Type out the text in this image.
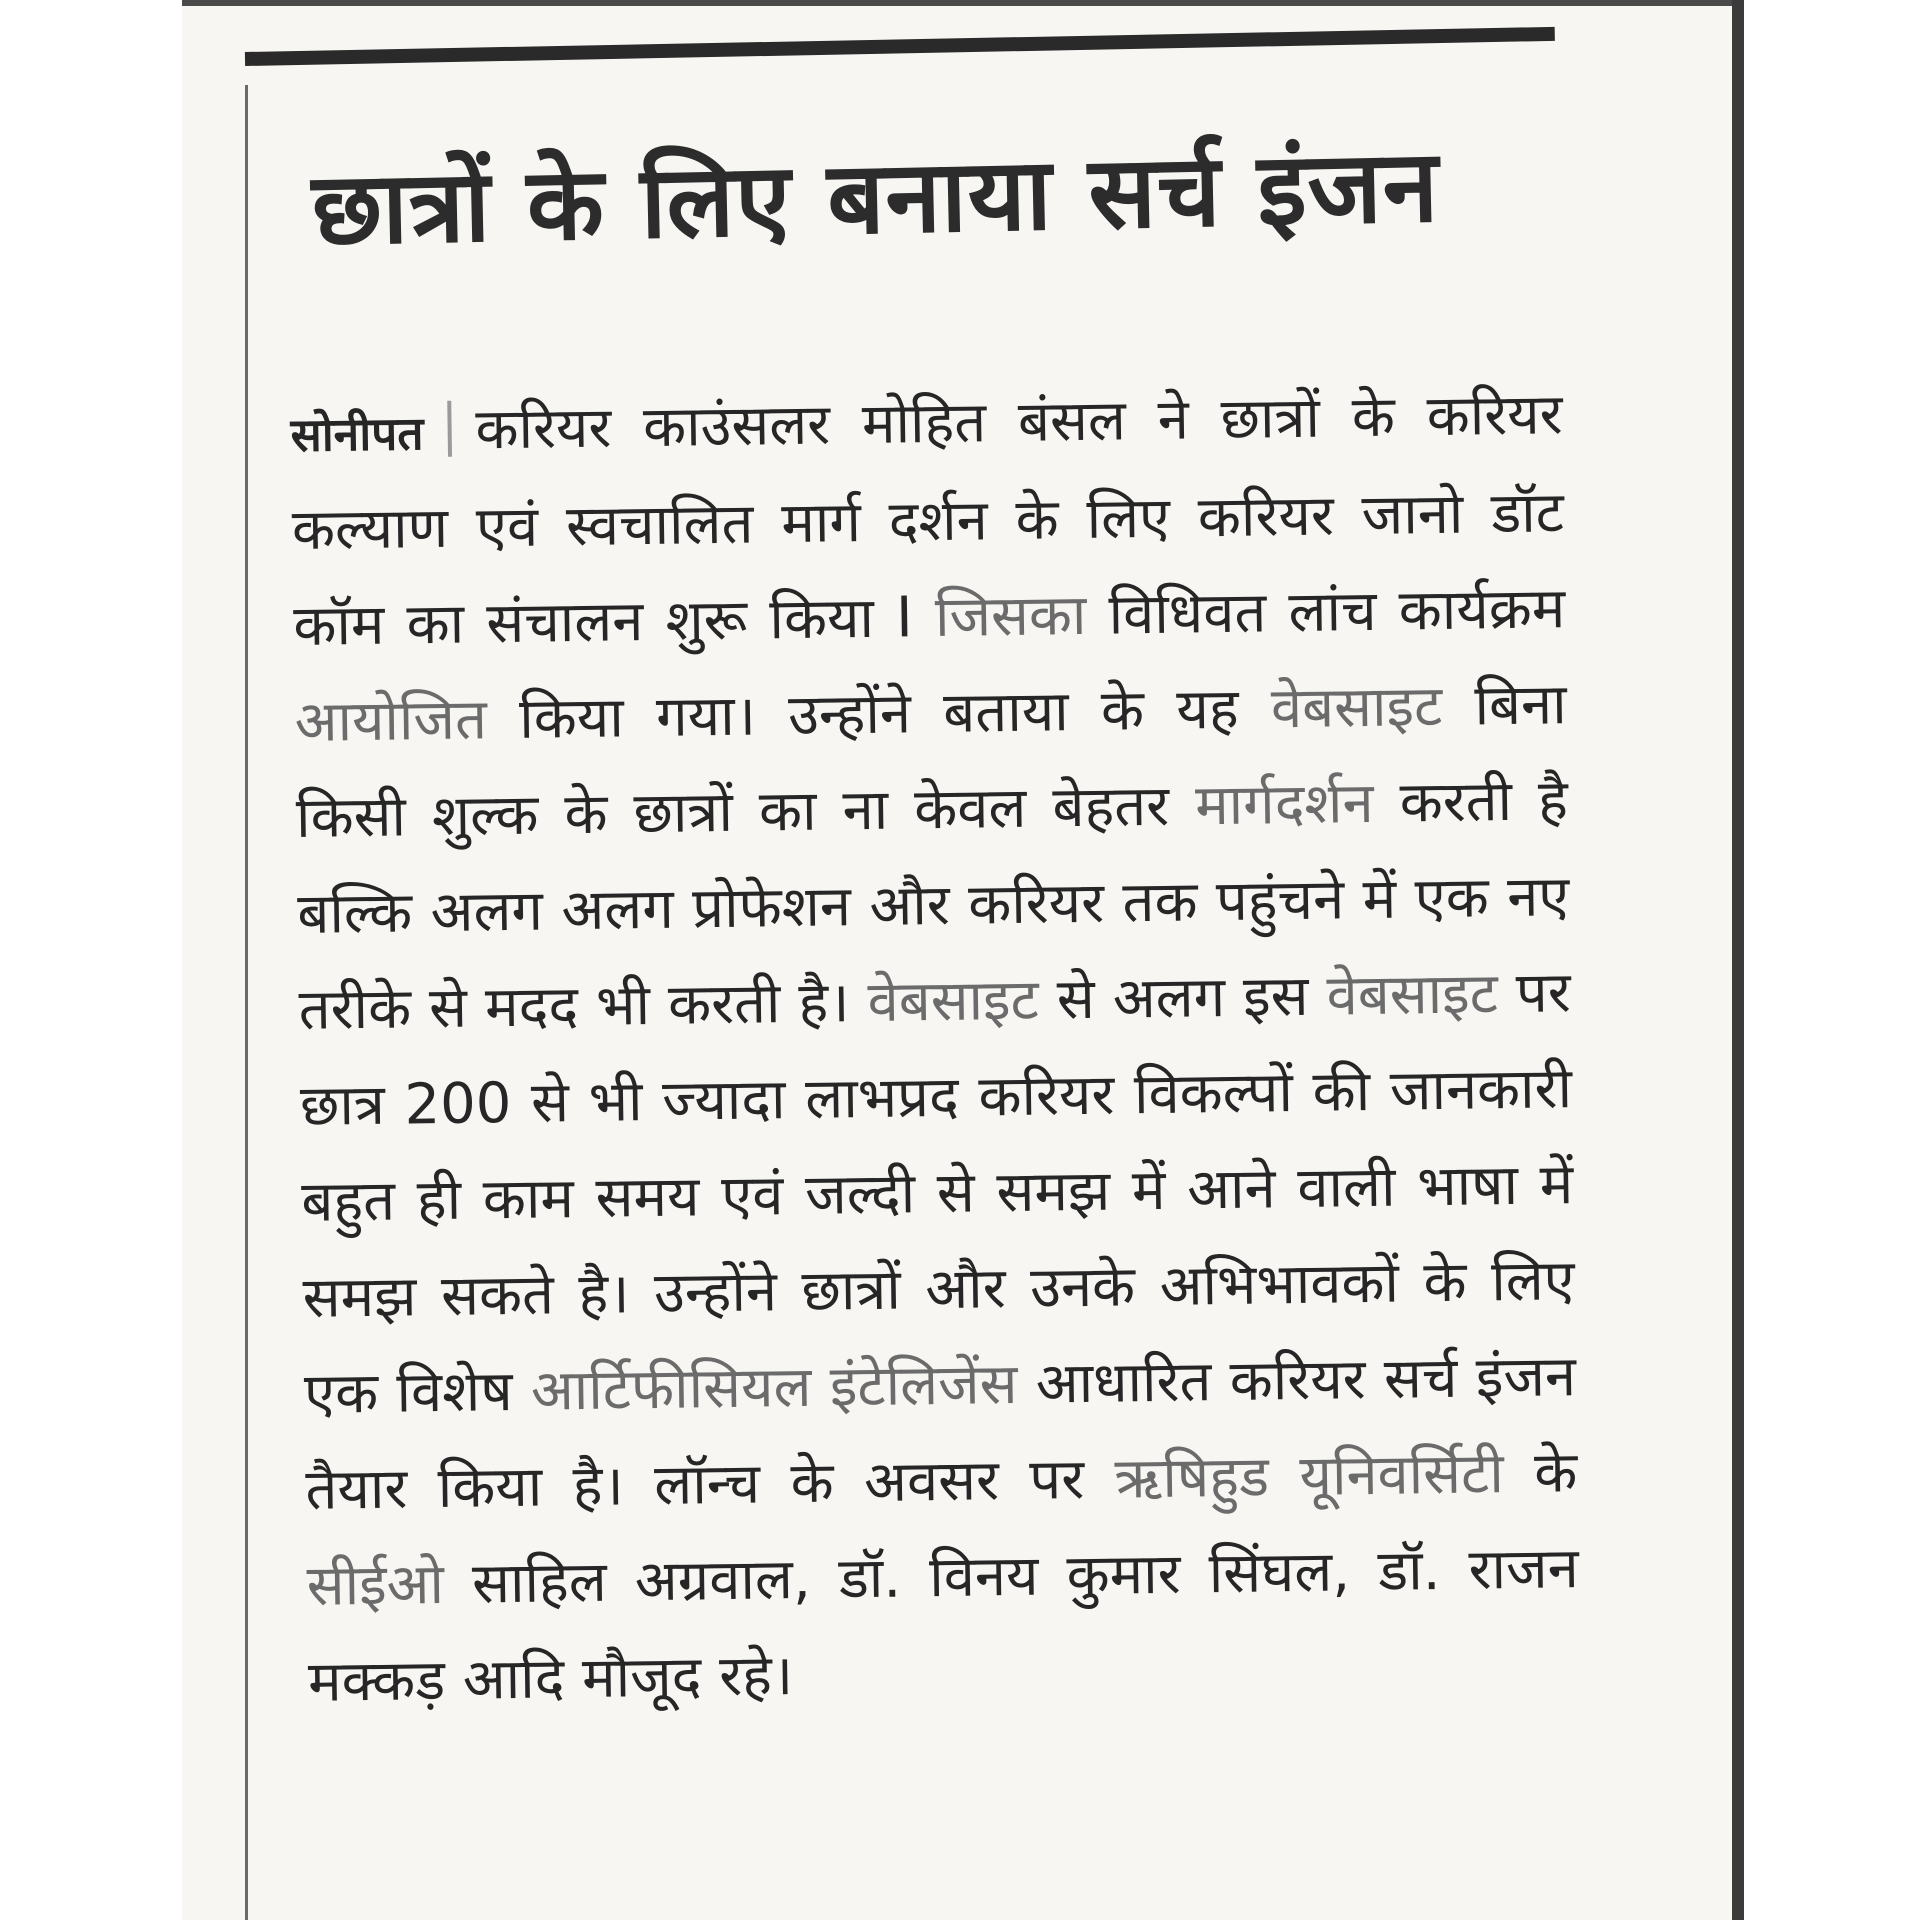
छात्रों के लिए बनाया सर्च इंजन
सोनीपत करियर काउंसलर मोहित बंसल ने छात्रों के करियर कल्याण एवं स्वचालित मार्ग दर्शन के लिए करियर जानो डॉट कॉम का संचालन शुरू किया I जिसका विधिवत लांच कार्यक्रम आयोजित किया गया। उन्होंने बताया के यह वेबसाइट बिना किसी शुल्क के छात्रों का ना केवल बेहतर मार्गदर्शन करती है बल्कि अलग अलग प्रोफेशन और करियर तक पहुंचने में एक नए तरीके से मदद भी करती है। वेबसाइट से अलग इस वेबसाइट पर छात्र 200 से भी ज्यादा लाभप्रद करियर विकल्पों की जानकारी बहुत ही काम समय एवं जल्दी से समझ में आने वाली भाषा में समझ सकते है। उन्होंने छात्रों और उनके अभिभावकों के लिए एक विशेष आर्टिफीसियल इंटेलिजेंस आधारित करियर सर्च इंजन तैयार किया है। लॉन्च के अवसर पर ऋषिहुड यूनिवर्सिटी के सीईओ साहिल अग्रवाल, डॉ. विनय कुमार सिंघल, डॉ. राजन मक्कड़ आदि मौजूद रहे।
